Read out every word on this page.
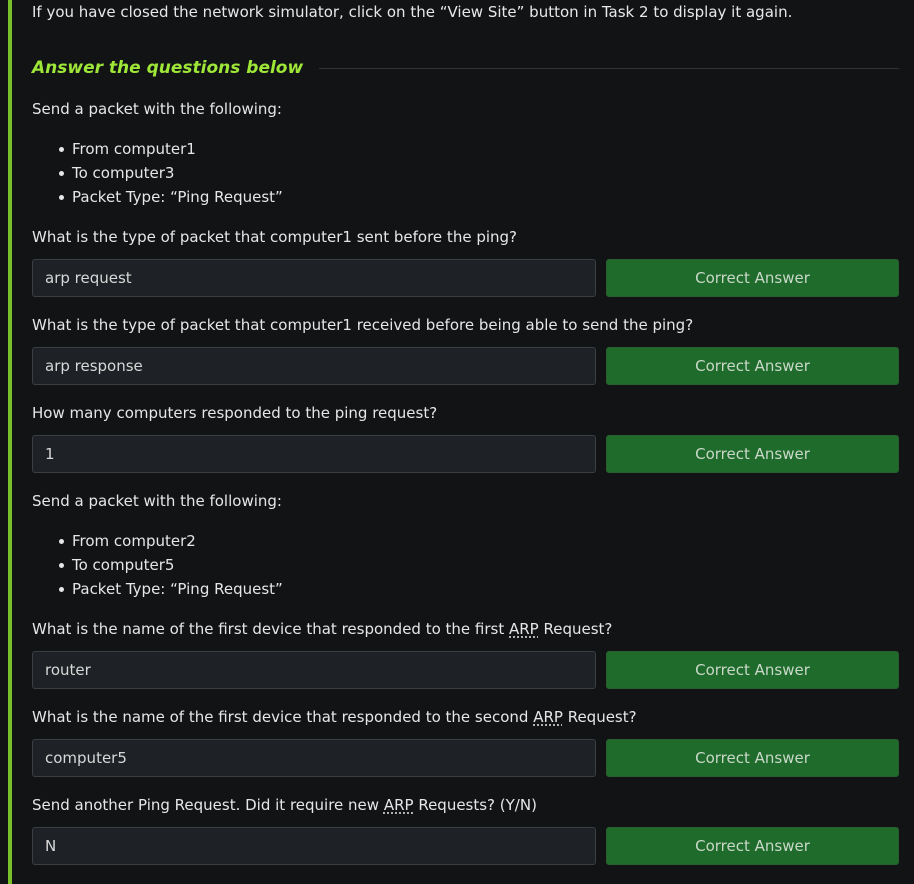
If you have closed the network simulator, click on the “View Site” button in Task 2 to display it again.
Answer the questions below
Send a packet with the following:
From computer1
To computer3
Packet Type: “Ping Request”
What is the type of packet that computer1 sent before the ping?
arp request
Correct Answer
What is the type of packet that computer1 received before being able to send the ping?
arp response
Correct Answer
How many computers responded to the ping request?
1
Correct Answer
Send a packet with the following:
From computer2
To computer5
Packet Type: “Ping Request”
What is the name of the first device that responded to the first ARP Request?
router
Correct Answer
What is the name of the first device that responded to the second ARP Request?
computer5
Correct Answer
Send another Ping Request. Did it require new ARP Requests? (Y/N)
N
Correct Answer
